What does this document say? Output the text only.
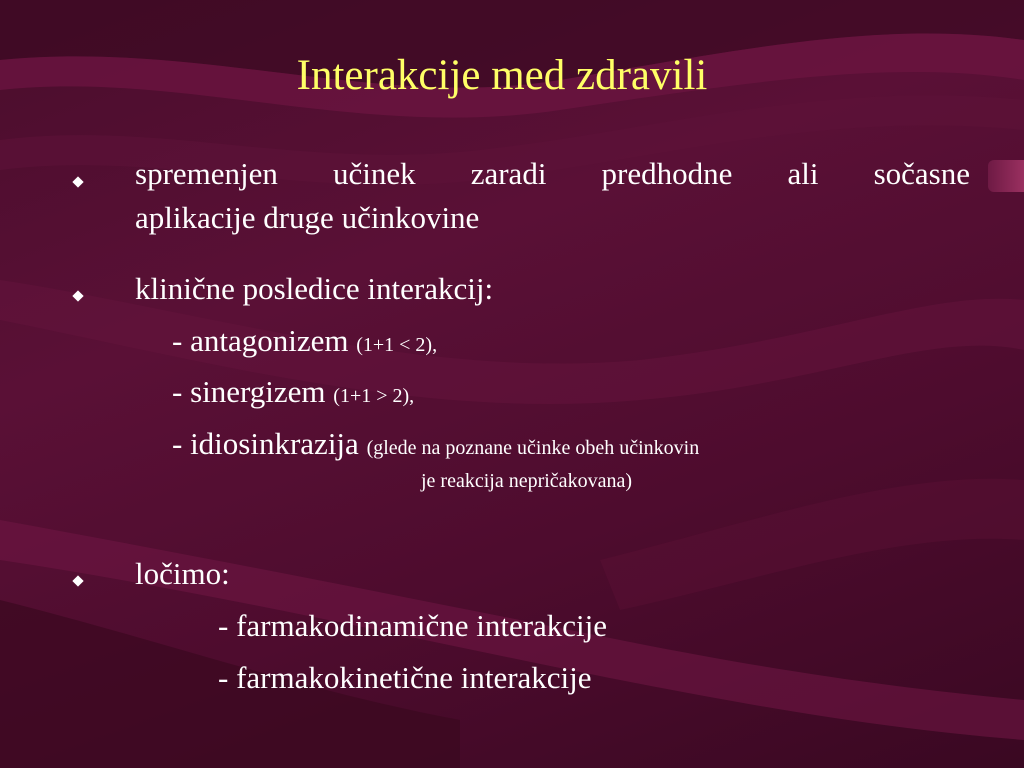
Interakcije med zdravili
spremenjen učinek zaradi predhodne ali sočasne
aplikacije druge učinkovine
klinične posledice interakcij:
- antagonizem (1+1 < 2),
- sinergizem (1+1 > 2),
- idiosinkrazija (glede na poznane učinke obeh učinkovin
je reakcija nepričakovana)
ločimo:
- farmakodinamične interakcije
- farmakokinetične interakcije
